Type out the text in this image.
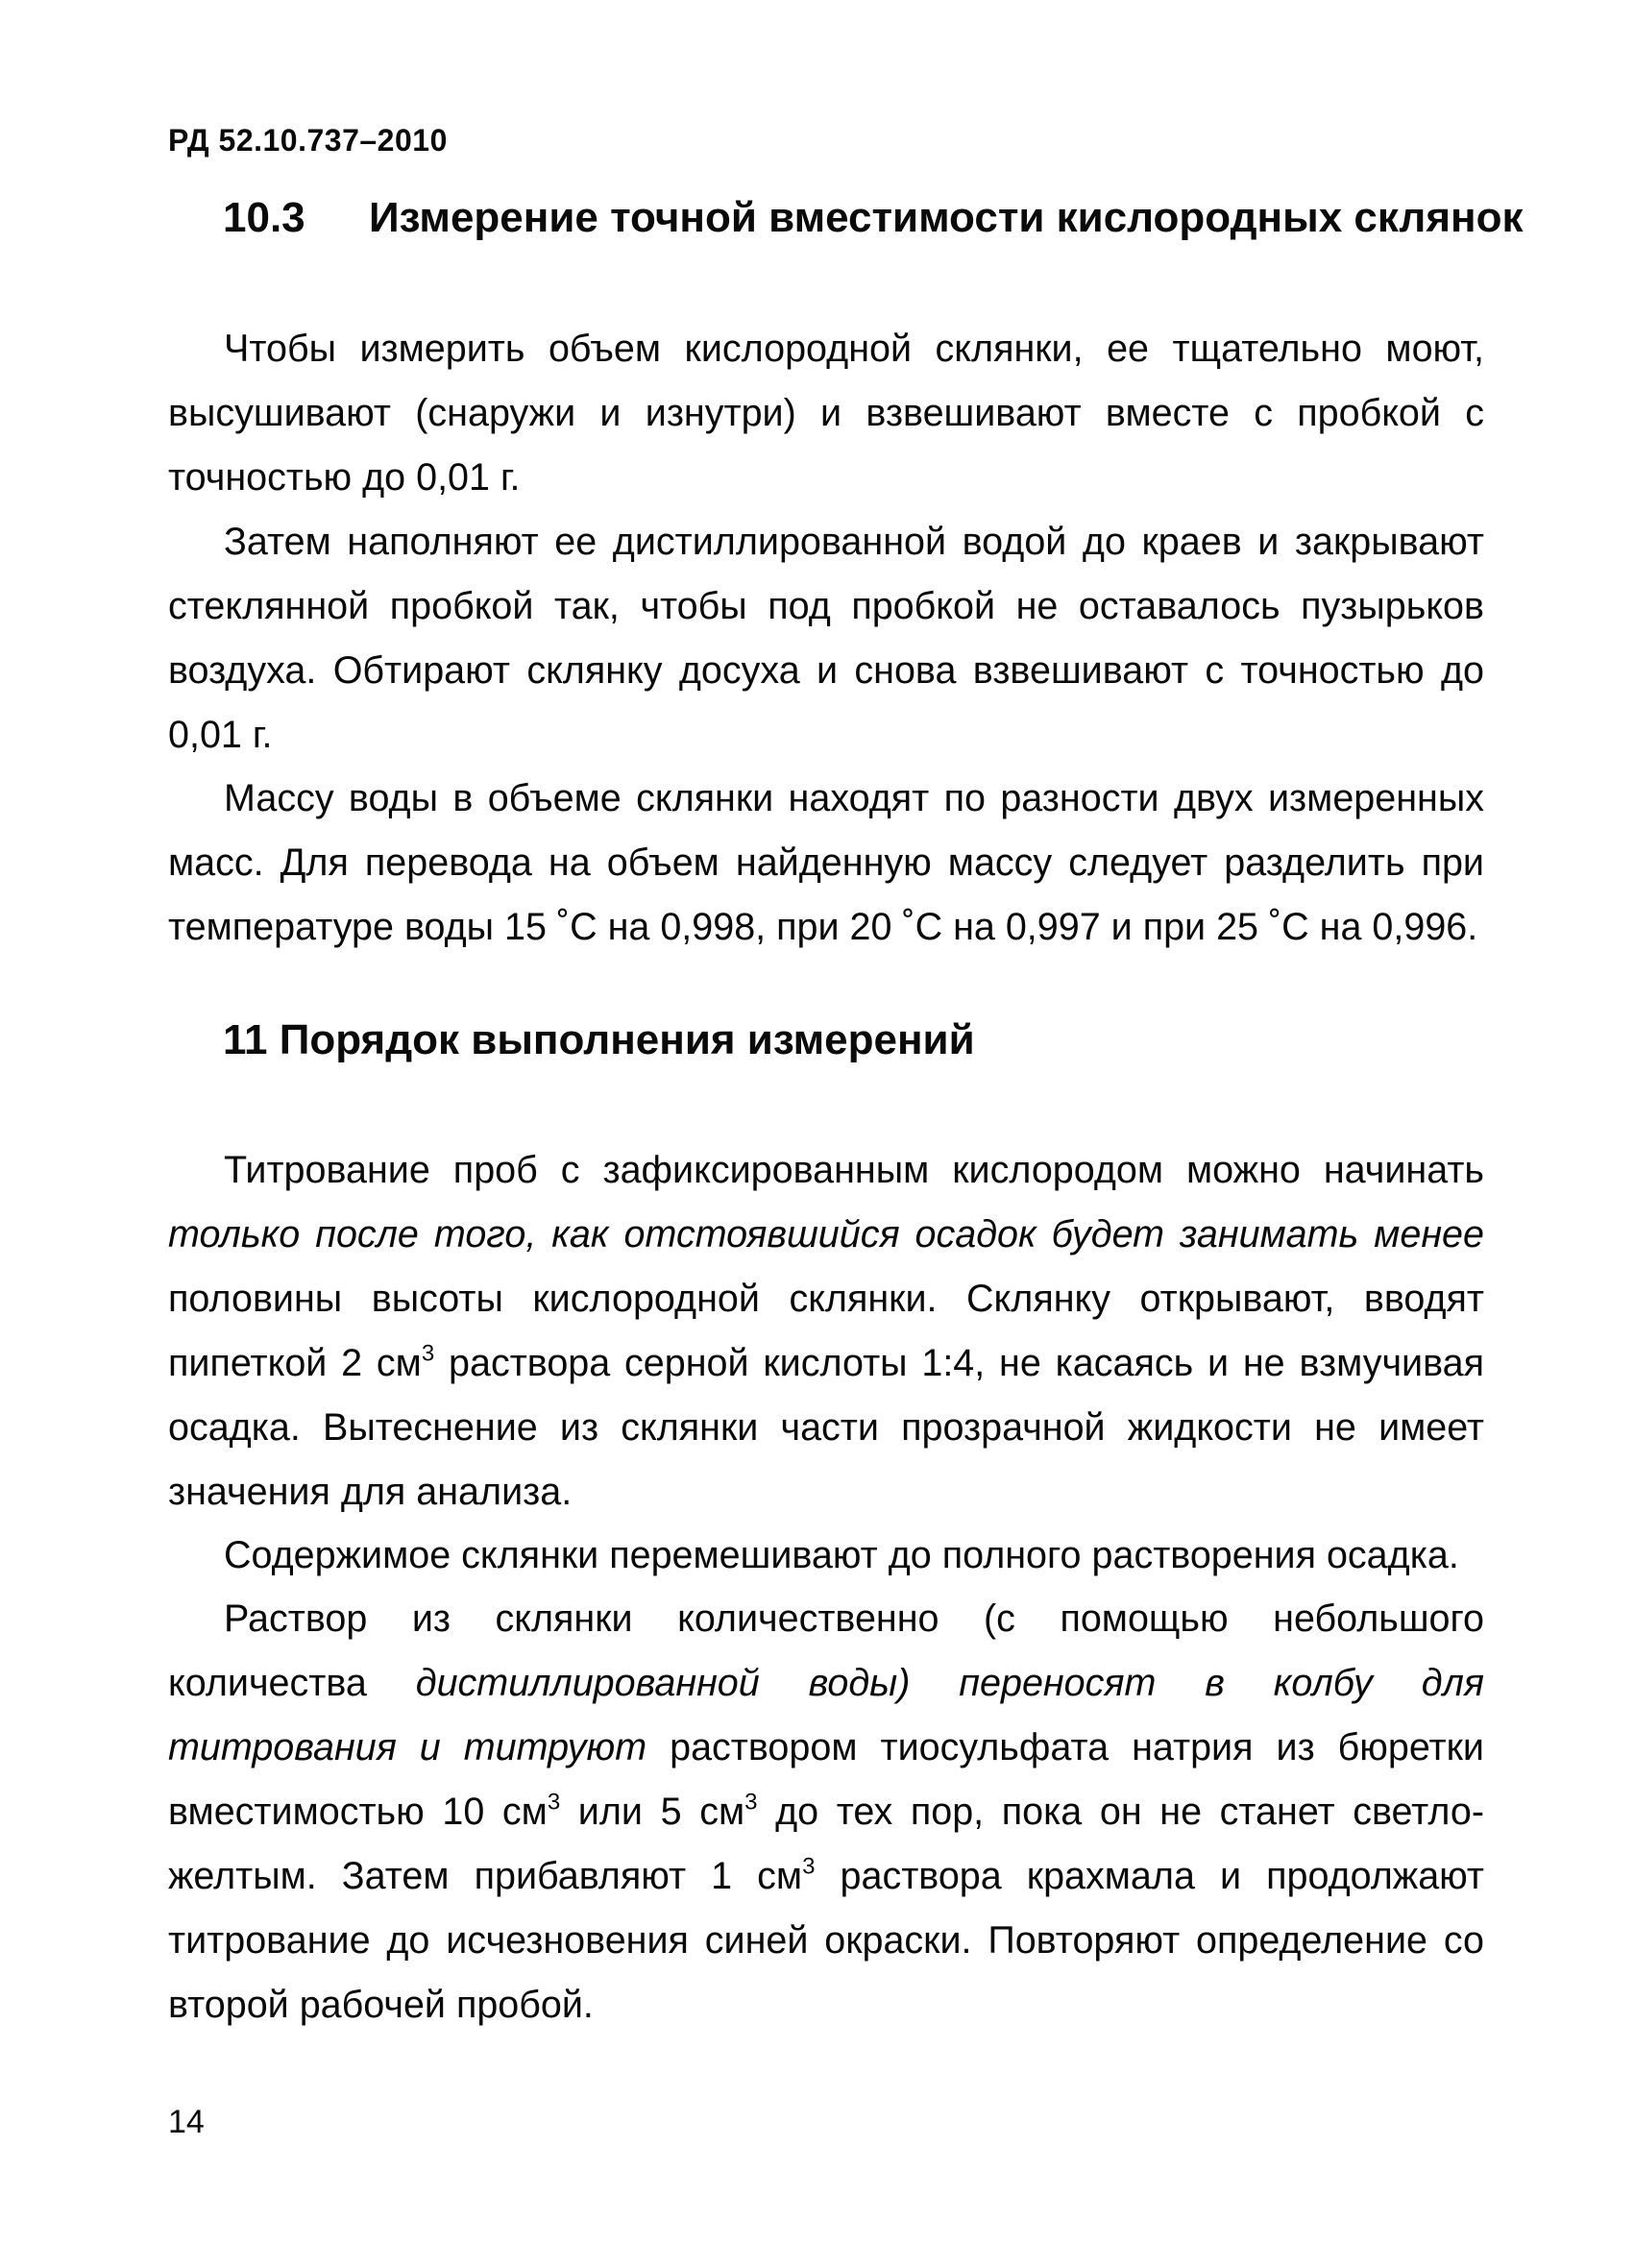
РД 52.10.737–2010
10.3 Измерение точной вместимости кислородных склянок

Чтобы измерить объем кислородной склянки, ее тщательно моют, высушивают (снаружи и изнутри) и взвешивают вместе с пробкой с точностью до 0,01 г.

Затем наполняют ее дистиллированной водой до краев и закрывают стеклянной пробкой так, чтобы под пробкой не оставалось пузырьков воздуха. Обтирают склянку досуха и снова взвешивают с точностью до 0,01 г.

Массу воды в объеме склянки находят по разности двух измеренных масс. Для перевода на объем найденную массу следует разделить при температуре воды 15 ˚С на 0,998, при 20 ˚С на 0,997 и при 25 ˚С на 0,996.

11 Порядок выполнения измерений

Титрование проб с зафиксированным кислородом можно начинать только после того, как отстоявшийся осадок будет занимать менее половины высоты кислородной склянки. Склянку открывают, вводят пипеткой 2 $см^3$ раствора серной кислоты 1:4, не касаясь и не взмучивая осадка. Вытеснение из склянки части прозрачной жидкости не имеет значения для анализа.

Содержимое склянки перемешивают до полного растворения осадка.

Раствор из склянки количественно (с помощью небольшого количества дистиллированной воды) переносят в колбу для титрования и титруют раствором тиосульфата натрия из бюретки вместимостью 10 $см^3$ или 5 $см^3$ до тех пор, пока он не станет светло-желтым. Затем прибавляют 1 $см^3$ раствора крахмала и продолжают титрование до исчезновения синей окраски. Повторяют определение со второй рабочей пробой.

14
